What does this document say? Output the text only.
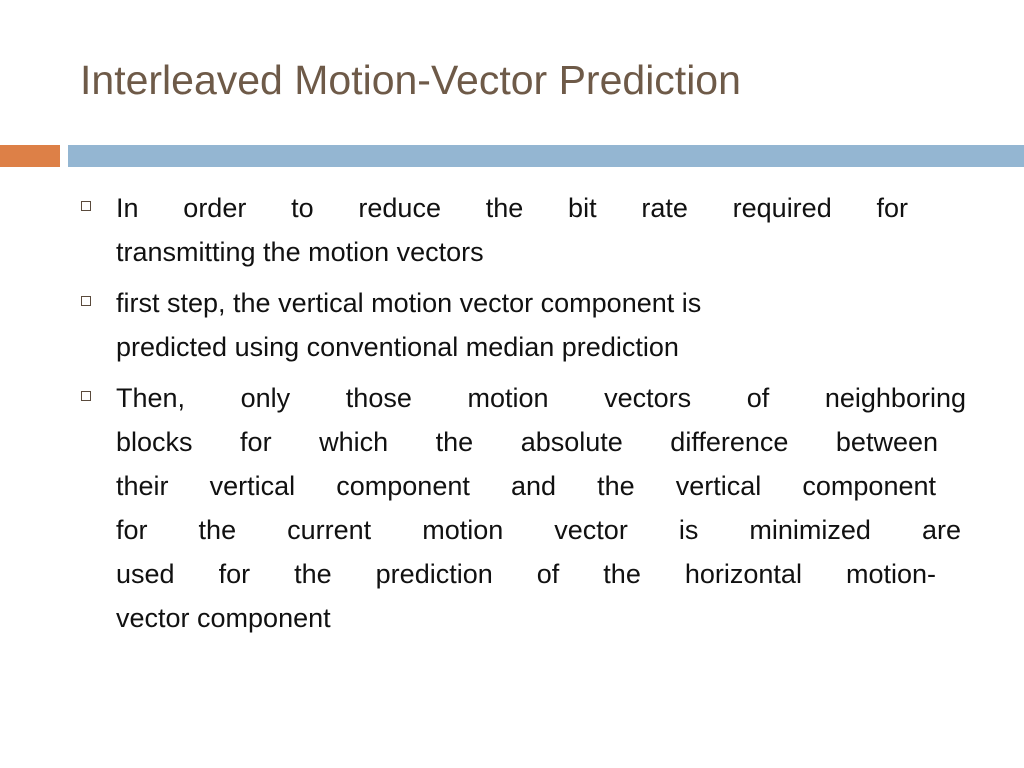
Interleaved Motion-Vector Prediction
In order to reduce the bit rate required for
transmitting the motion vectors
first step, the vertical motion vector component is
predicted using conventional median prediction
Then, only those motion vectors of neighboring
blocks for which the absolute difference between
their vertical component and the vertical component
for the current motion vector is minimized are
used for the prediction of the horizontal motion-
vector component
